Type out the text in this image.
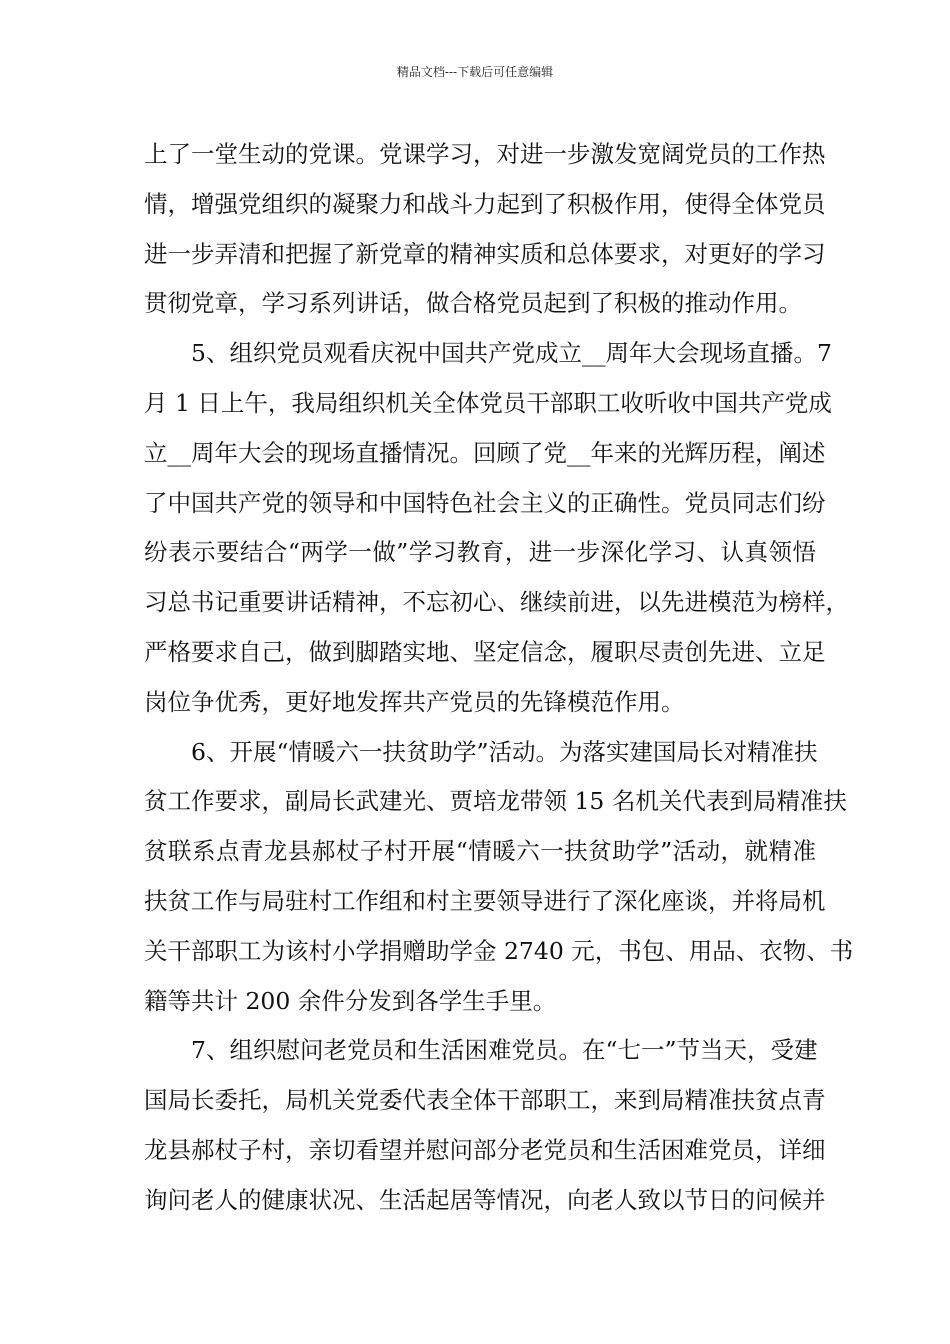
精品文档---下载后可任意编辑
上了一堂生动的党课。党课学习，对进一步激发宽阔党员的工作热
情，增强党组织的凝聚力和战斗力起到了积极作用，使得全体党员
进一步弄清和把握了新党章的精神实质和总体要求，对更好的学习
贯彻党章，学习系列讲话，做合格党员起到了积极的推动作用。
　　5、组织党员观看庆祝中国共产党成立__周年大会现场直播。7
月 1 日上午，我局组织机关全体党员干部职工收听收中国共产党成
立__周年大会的现场直播情况。回顾了党__年来的光辉历程，阐述
了中国共产党的领导和中国特色社会主义的正确性。党员同志们纷
纷表示要结合“两学一做”学习教育，进一步深化学习、认真领悟
习总书记重要讲话精神，不忘初心、继续前进，以先进模范为榜样，
严格要求自己，做到脚踏实地、坚定信念，履职尽责创先进、立足
岗位争优秀，更好地发挥共产党员的先锋模范作用。
　　6、开展“情暖六一扶贫助学”活动。为落实建国局长对精准扶
贫工作要求，副局长武建光、贾培龙带领 15 名机关代表到局精准扶
贫联系点青龙县郝杖子村开展“情暖六一扶贫助学”活动，就精准
扶贫工作与局驻村工作组和村主要领导进行了深化座谈，并将局机
关干部职工为该村小学捐赠助学金 2740 元，书包、用品、衣物、书
籍等共计 200 余件分发到各学生手里。
　　7、组织慰问老党员和生活困难党员。在“七一”节当天，受建
国局长委托，局机关党委代表全体干部职工，来到局精准扶贫点青
龙县郝杖子村，亲切看望并慰问部分老党员和生活困难党员，详细
询问老人的健康状况、生活起居等情况，向老人致以节日的问候并
